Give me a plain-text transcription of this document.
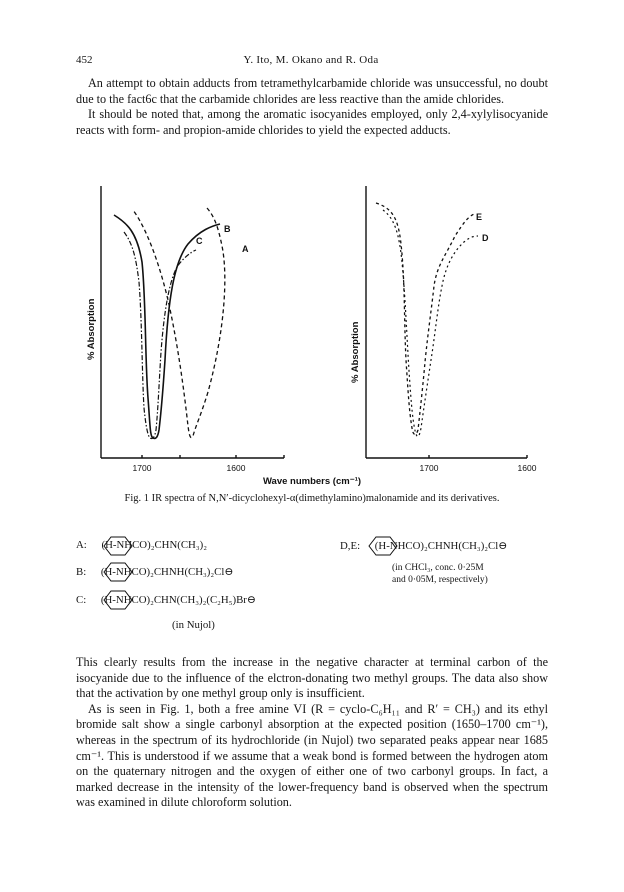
452	Y. Ito, M. Okano and R. Oda

An attempt to obtain adducts from tetramethylcarbamide chloride was unsuccessful, no doubt due to the fact6c that the carbamide chlorides are less reactive than the amide chlorides.

It should be noted that, among the aromatic isocyanides employed, only 2,4-xylylisocyanide reacts with form- and propion-amide chlorides to yield the expected adducts.

B
C
A
E
D
% Absorption	% Absorption
1700	1600	1700	1600
Wave numbers (cm⁻¹)
Fig. 1 IR spectra of N,N′-dicyclohexyl-α(dimethylamino)malonamide and its derivatives.
A: (H-NHCO)₂CHN(CH₃)₂
B: (H-NHCO)₂CHNH(CH₃)₂Cl⊖
C: (H-NHCO)₂CHN(CH₃)₂(C₂H₅)Br⊖
(in Nujol)
D,E: (H-NHCO)₂CHNH(CH₃)₂Cl⊖
(in CHCl₃, conc. 0·25M
and 0·05M, respectively)

This clearly results from the increase in the negative character at terminal carbon of the isocyanide due to the influence of the elctron-donating two methyl groups. The data also show that the activation by one methyl group only is insufficient.

As is seen in Fig. 1, both a free amine VI (R = cyclo-C₆H₁₁ and R′ = CH₃) and its ethyl bromide salt show a single carbonyl absorption at the expected position (1650–1700 cm⁻¹), whereas in the spectrum of its hydrochloride (in Nujol) two separated peaks appear near 1685 cm⁻¹. This is understood if we assume that a weak bond is formed between the hydrogen atom on the quaternary nitrogen and the oxygen of either one of two carbonyl groups. In fact, a marked decrease in the intensity of the lower-frequency band is observed when the spectrum was examined in dilute chloroform solution.
